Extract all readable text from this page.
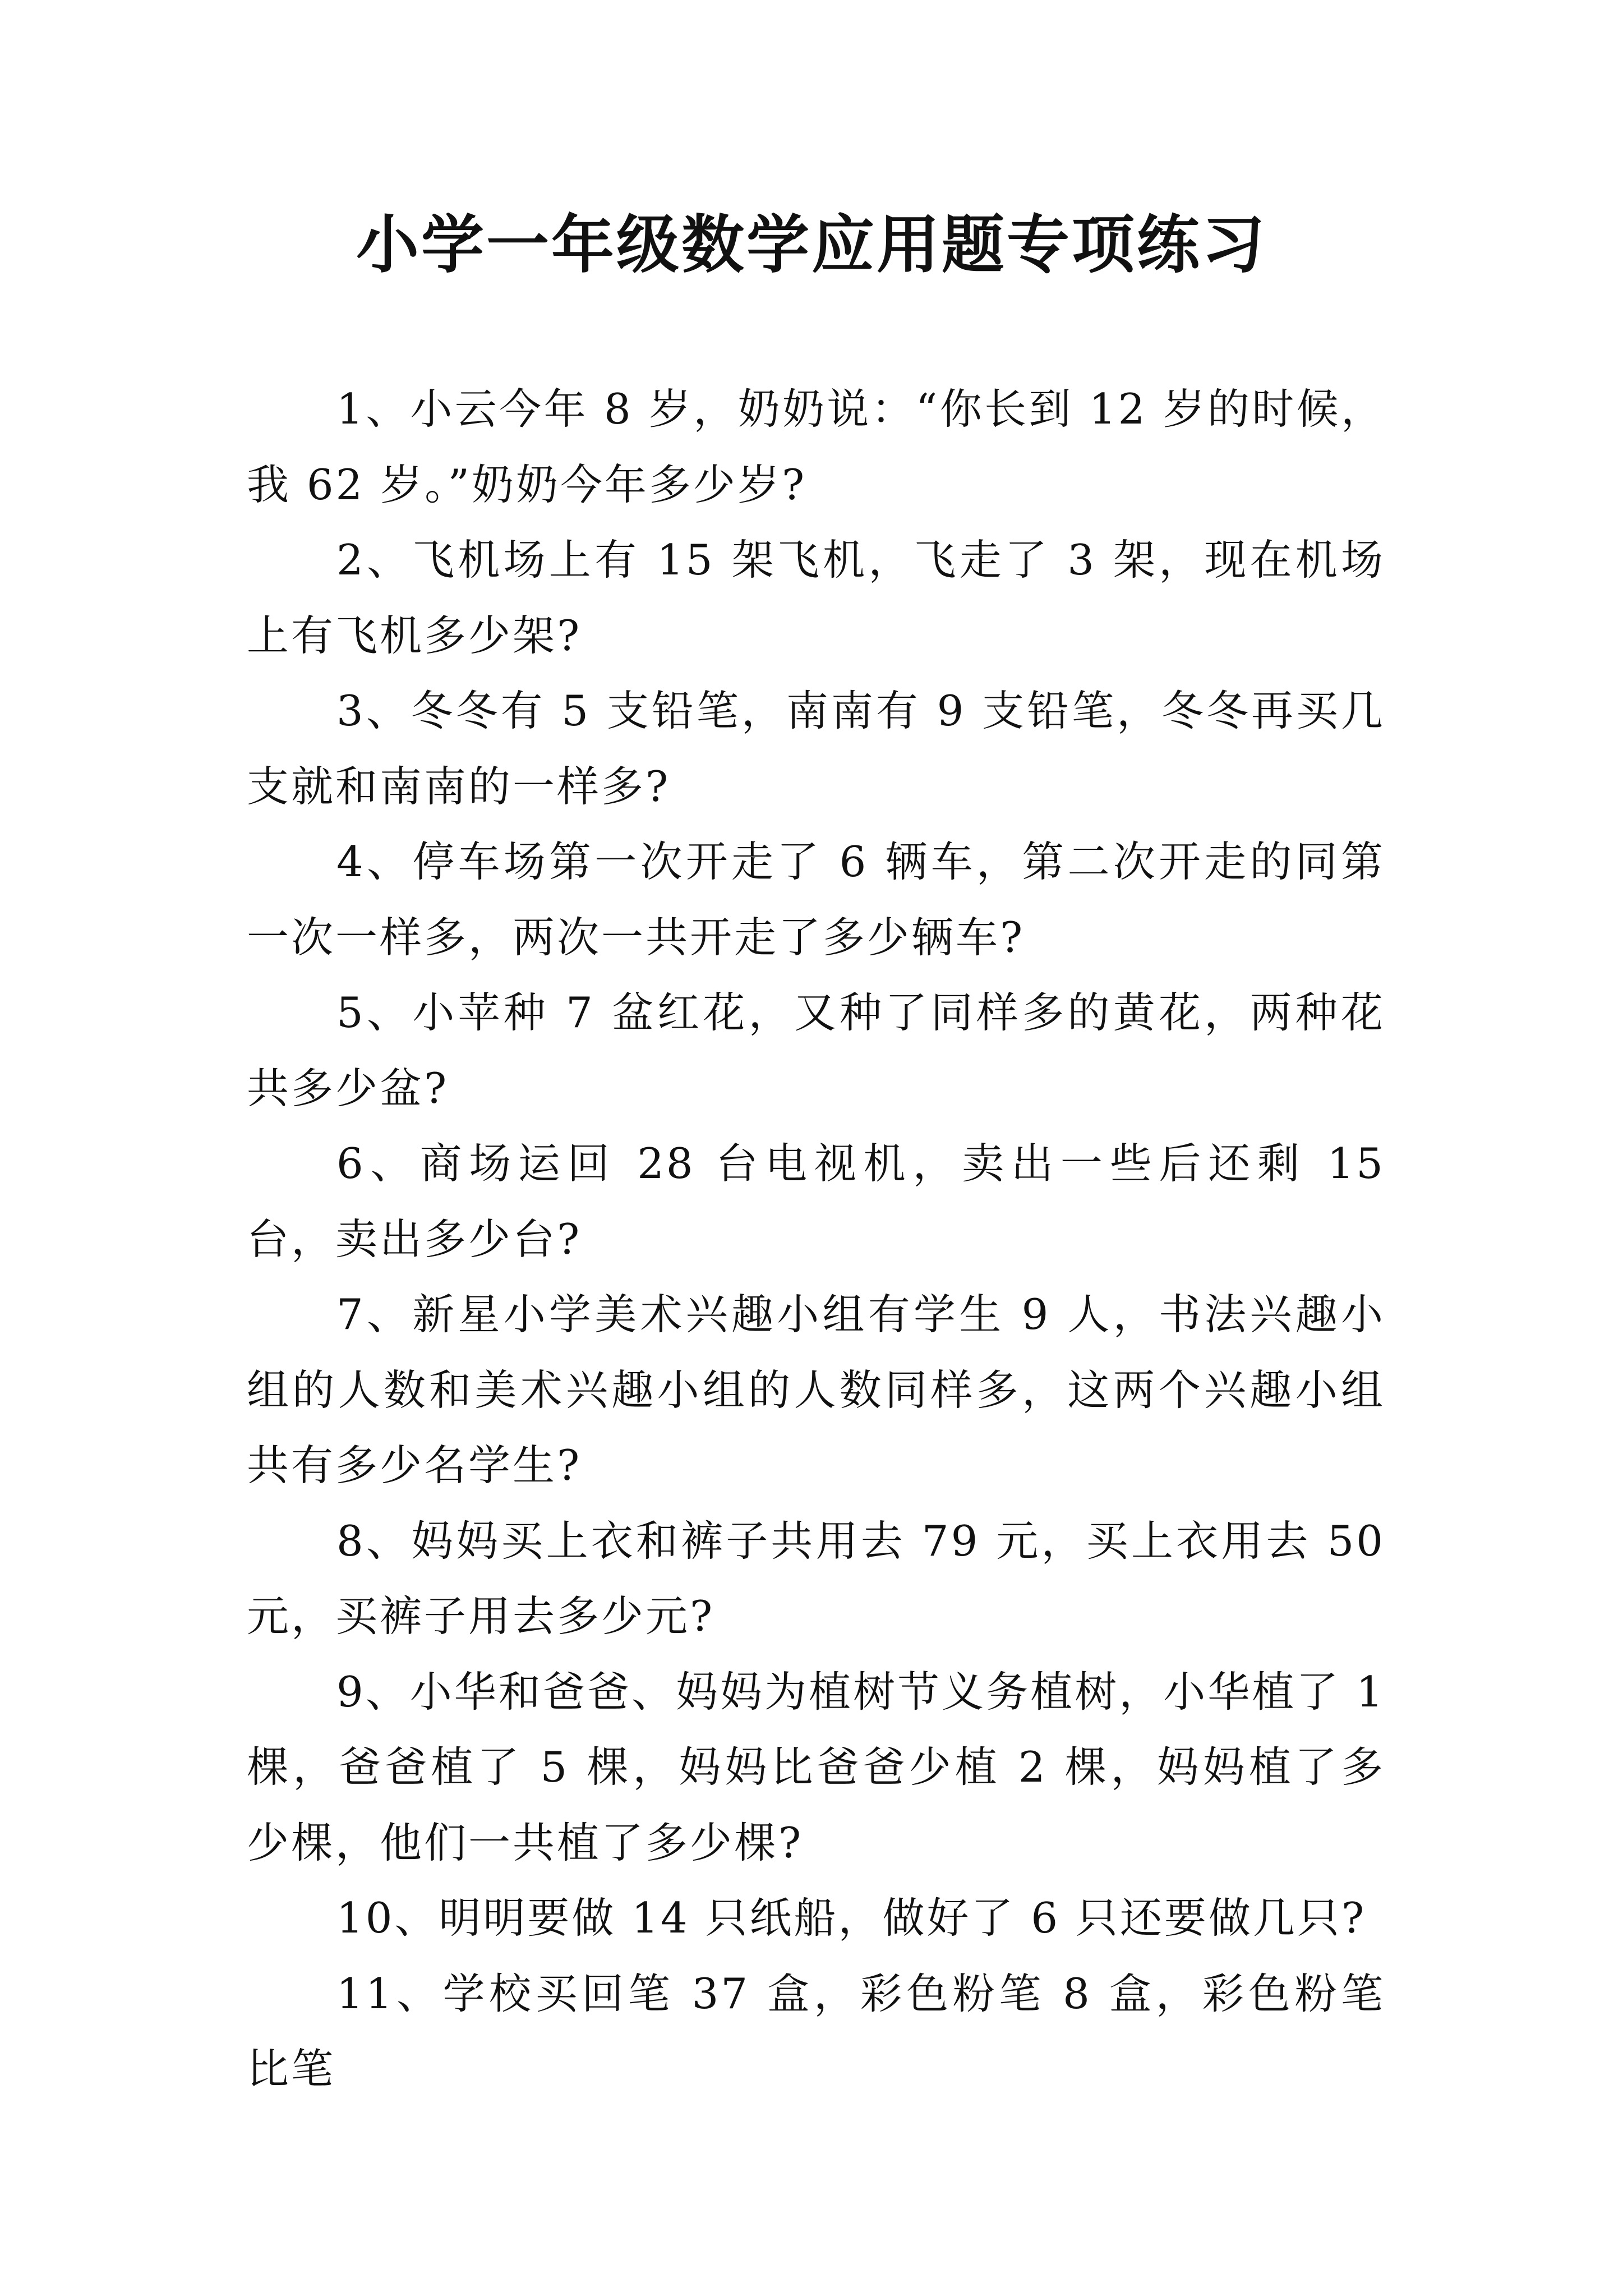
小学一年级数学应用题专项练习

1、小云今年 8 岁，奶奶说：“你长到 12 岁的时候，我 62 岁。”奶奶今年多少岁?

2、飞机场上有 15 架飞机，飞走了 3 架，现在机场上有飞机多少架?

3、冬冬有 5 支铅笔，南南有 9 支铅笔，冬冬再买几支就和南南的一样多?

4、停车场第一次开走了 6 辆车，第二次开走的同第一次一样多，两次一共开走了多少辆车?

5、小苹种 7 盆红花，又种了同样多的黄花，两种花共多少盆?

6、商场运回 28 台电视机，卖出一些后还剩 15 台，卖出多少台?

7、新星小学美术兴趣小组有学生 9 人，书法兴趣小组的人数和美术兴趣小组的人数同样多，这两个兴趣小组共有多少名学生?

8、妈妈买上衣和裤子共用去 79 元，买上衣用去 50 元，买裤子用去多少元?

9、小华和爸爸、妈妈为植树节义务植树，小华植了 1 棵，爸爸植了 5 棵，妈妈比爸爸少植 2 棵，妈妈植了多少棵，他们一共植了多少棵?

10、明明要做 14 只纸船，做好了 6 只还要做几只?

11、学校买回笔 37 盒，彩色粉笔 8 盒，彩色粉笔比笔
